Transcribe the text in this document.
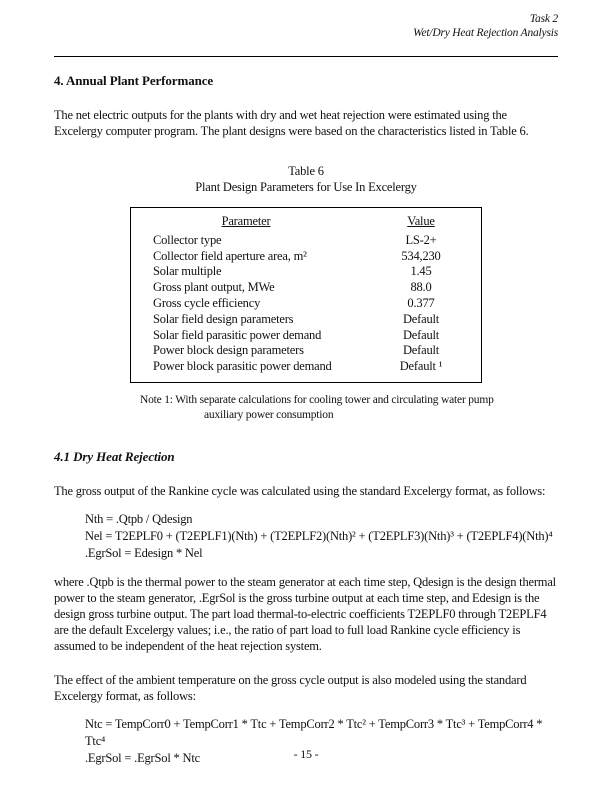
Task 2
Wet/Dry Heat Rejection Analysis
4. Annual Plant Performance
The net electric outputs for the plants with dry and wet heat rejection were estimated using the Excelergy computer program. The plant designs were based on the characteristics listed in Table 6.
Table 6
Plant Design Parameters for Use In Excelergy
Parameter	Value
Collector type	LS-2+
Collector field aperture area, m²	534,230
Solar multiple	1.45
Gross plant output, MWe	88.0
Gross cycle efficiency	0.377
Solar field design parameters	Default
Solar field parasitic power demand	Default
Power block design parameters	Default
Power block parasitic power demand	Default ¹
Note 1: With separate calculations for cooling tower and circulating water pump
auxiliary power consumption
4.1 Dry Heat Rejection
The gross output of the Rankine cycle was calculated using the standard Excelergy format, as follows:
Nth = .Qtpb / Qdesign
Nel = T2EPLF0 + (T2EPLF1)(Nth) + (T2EPLF2)(Nth)² + (T2EPLF3)(Nth)³ + (T2EPLF4)(Nth)⁴
.EgrSol = Edesign * Nel
where .Qtpb is the thermal power to the steam generator at each time step, Qdesign is the design thermal power to the steam generator, .EgrSol is the gross turbine output at each time step, and Edesign is the design gross turbine output. The part load thermal-to-electric coefficients T2EPLF0 through T2EPLF4 are the default Excelergy values; i.e., the ratio of part load to full load Rankine cycle efficiency is assumed to be independent of the heat rejection system.
The effect of the ambient temperature on the gross cycle output is also modeled using the standard Excelergy format, as follows:
Ntc = TempCorr0 + TempCorr1 * Ttc + TempCorr2 * Ttc² + TempCorr3 * Ttc³ + TempCorr4 * Ttc⁴
.EgrSol = .EgrSol * Ntc	- 15 -
